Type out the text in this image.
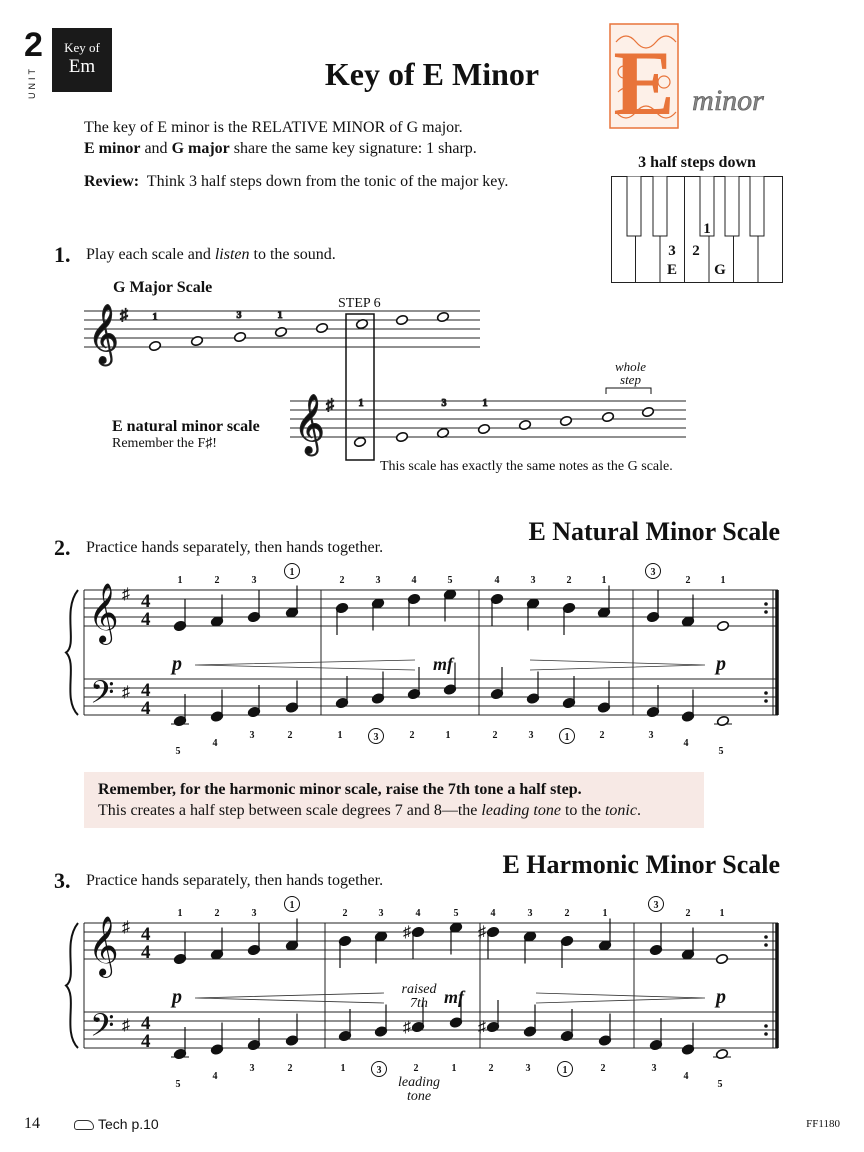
2
UNIT
Key of
Em	Key of E Minor E minor
The key of E minor is the RELATIVE MINOR of G major.
E minor and G major share the same key signature: 1 sharp.
Review:  Think 3 half steps down from the tonic of the major key.
3 half steps down
3 2
1
E G
1. Play each scale and listen to the sound.
G Major Scale
STEP 6
E natural minor scale
Remember the F♯!
This scale has exactly the same notes as the G scale.
whole
step
𝄞 ♯ 1	3	1
𝄞 ♯ 1	3	1
2. Practice hands separately, then hands together.
E Natural Minor Scale
𝄞
𝄢
♯
♯
4
4
4
4
1
5
2
4
3
3
1
2
2
1
3
3
4
2
5
1
4
2
3
3
2
1
1
2
3
3
2
4
1
5
p	mf	p
Remember, for the harmonic minor scale, raise the 7th tone a half step.
This creates a half step between scale degrees 7 and 8—the leading tone to the tonic.
3. Practice hands separately, then hands together.
E Harmonic Minor Scale
𝄞
𝄢
♯
♯
4
4
4
4
♯	♯
♯	♯
1
5
2
4
3
3
1
2
2
1
3
3
4
2
5
1
4
2
3
3
2
1
1
2
3
3
2
4
1
5
p	mf	p
raised
7th
leading
tone
14	Tech p.10	FF1180
